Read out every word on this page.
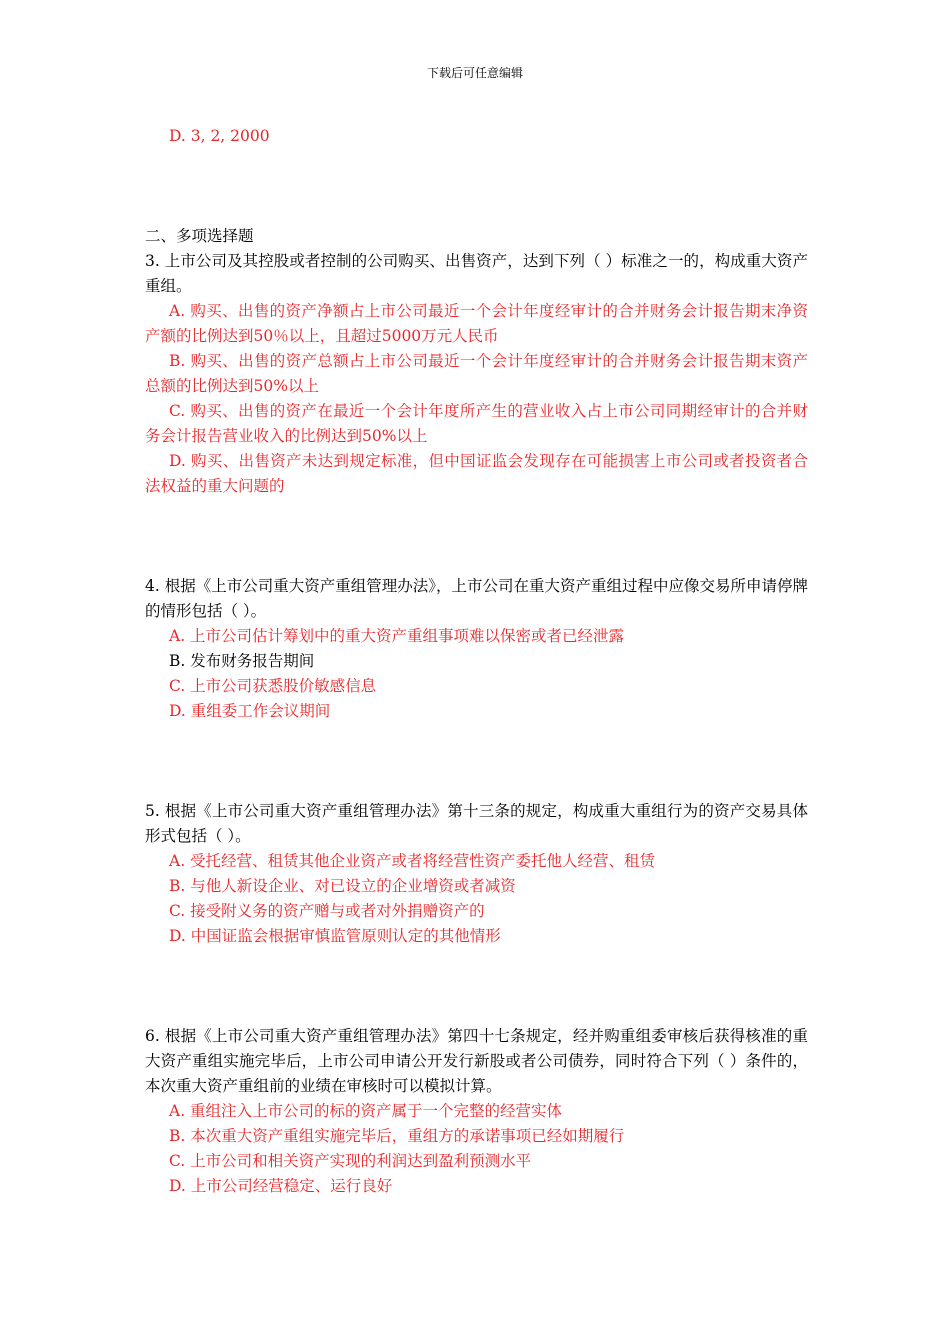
下载后可任意编辑

D. 3, 2, 2000

二、多项选择题

3. 上市公司及其控股或者控制的公司购买、出售资产，达到下列（ ）标准之一的，构成重大资产重组。

A. 购买、出售的资产净额占上市公司最近一个会计年度经审计的合并财务会计报告期末净资产额的比例达到50％以上，且超过5000万元人民币

B. 购买、出售的资产总额占上市公司最近一个会计年度经审计的合并财务会计报告期末资产总额的比例达到50%以上

C. 购买、出售的资产在最近一个会计年度所产生的营业收入占上市公司同期经审计的合并财务会计报告营业收入的比例达到50%以上

D. 购买、出售资产未达到规定标准，但中国证监会发现存在可能损害上市公司或者投资者合法权益的重大问题的

4. 根据《上市公司重大资产重组管理办法》，上市公司在重大资产重组过程中应像交易所申请停牌的情形包括（ ）。

A. 上市公司估计筹划中的重大资产重组事项难以保密或者已经泄露

B. 发布财务报告期间

C. 上市公司获悉股价敏感信息

D. 重组委工作会议期间

5. 根据《上市公司重大资产重组管理办法》第十三条的规定，构成重大重组行为的资产交易具体形式包括（ ）。

A. 受托经营、租赁其他企业资产或者将经营性资产委托他人经营、租赁

B. 与他人新设企业、对已设立的企业增资或者减资

C. 接受附义务的资产赠与或者对外捐赠资产的

D. 中国证监会根据审慎监管原则认定的其他情形

6. 根据《上市公司重大资产重组管理办法》第四十七条规定，经并购重组委审核后获得核准的重大资产重组实施完毕后，上市公司申请公开发行新股或者公司债券，同时符合下列（ ）条件的，本次重大资产重组前的业绩在审核时可以模拟计算。

A. 重组注入上市公司的标的资产属于一个完整的经营实体

B. 本次重大资产重组实施完毕后，重组方的承诺事项已经如期履行

C. 上市公司和相关资产实现的利润达到盈利预测水平

D. 上市公司经营稳定、运行良好
